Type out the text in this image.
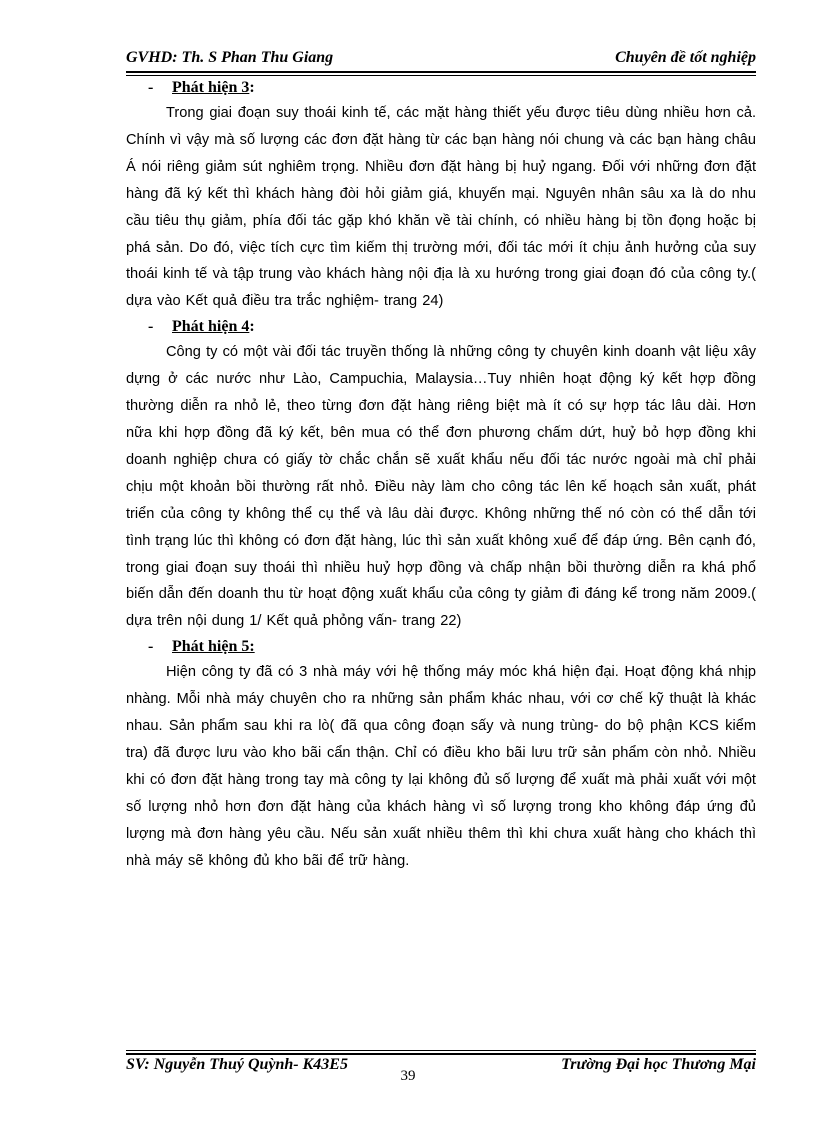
GVHD: Th. S Phan Thu Giang	Chuyên đề tốt nghiệp
- Phát hiện 3:

Trong giai đoạn suy thoái kinh tế, các mặt hàng thiết yếu được tiêu dùng nhiều hơn cả. Chính vì vậy mà số lượng các đơn đặt hàng từ các bạn hàng nói chung và các bạn hàng châu Á nói riêng giảm sút nghiêm trọng. Nhiều đơn đặt hàng bị huỷ ngang. Đối với những đơn đặt hàng đã ký kết thì khách hàng đòi hỏi giảm giá, khuyến mại. Nguyên nhân sâu xa là do nhu cầu tiêu thụ giảm, phía đối tác gặp khó khăn về tài chính, có nhiều hàng bị tồn đọng hoặc bị phá sản. Do đó, việc tích cực tìm kiếm thị trường mới, đối tác mới ít chịu ảnh hưởng của suy thoái kinh tế và tập trung vào khách hàng nội địa là xu hướng trong giai đoạn đó của công ty.( dựa vào Kết quả điều tra trắc nghiệm- trang 24)

- Phát hiện 4:

Công ty có một vài đối tác truyền thống là những công ty chuyên kinh doanh vật liệu xây dựng ở các nước như Lào, Campuchia, Malaysia…Tuy nhiên hoạt động ký kết hợp đồng thường diễn ra nhỏ lẻ, theo từng đơn đặt hàng riêng biệt mà ít có sự hợp tác lâu dài. Hơn nữa khi hợp đồng đã ký kết, bên mua có thể đơn phương chấm dứt, huỷ bỏ hợp đồng khi doanh nghiệp chưa có giấy tờ chắc chắn sẽ xuất khẩu nếu đối tác nước ngoài mà chỉ phải chịu một khoản bồi thường rất nhỏ. Điều này làm cho công tác lên kế hoạch sản xuất, phát triển của công ty không thể cụ thể và lâu dài được. Không những thế nó còn có thể dẫn tới tình trạng lúc thì không có đơn đặt hàng, lúc thì sản xuất không xuể để đáp ứng. Bên cạnh đó, trong giai đoạn suy thoái thì nhiều huỷ hợp đồng và chấp nhận bồi thường diễn ra khá phổ biến dẫn đến doanh thu từ hoạt động xuất khẩu của công ty giảm đi đáng kể trong năm 2009.( dựa trên nội dung 1/ Kết quả phỏng vấn- trang 22)

- Phát hiện 5:

Hiện công ty đã có 3 nhà máy với hệ thống máy móc khá hiện đại. Hoạt động khá nhịp nhàng. Mỗi nhà máy chuyên cho ra những sản phẩm khác nhau, với cơ chế kỹ thuật là khác nhau. Sản phẩm sau khi ra lò( đã qua công đoạn sấy và nung trùng- do bộ phận KCS kiểm tra) đã được lưu vào kho bãi cẩn thận. Chỉ có điều kho bãi lưu trữ sản phẩm còn nhỏ. Nhiều khi có đơn đặt hàng trong tay mà công ty lại không đủ số lượng để xuất mà phải xuất với một số lượng nhỏ hơn đơn đặt hàng của khách hàng vì số lượng trong kho không đáp ứng đủ lượng mà đơn hàng yêu cầu. Nếu sản xuất nhiều thêm thì khi chưa xuất hàng cho khách thì nhà máy sẽ không đủ kho bãi để trữ hàng.

SV: Nguyễn Thuý Quỳnh- K43E5	Trường Đại học Thương Mại
39
